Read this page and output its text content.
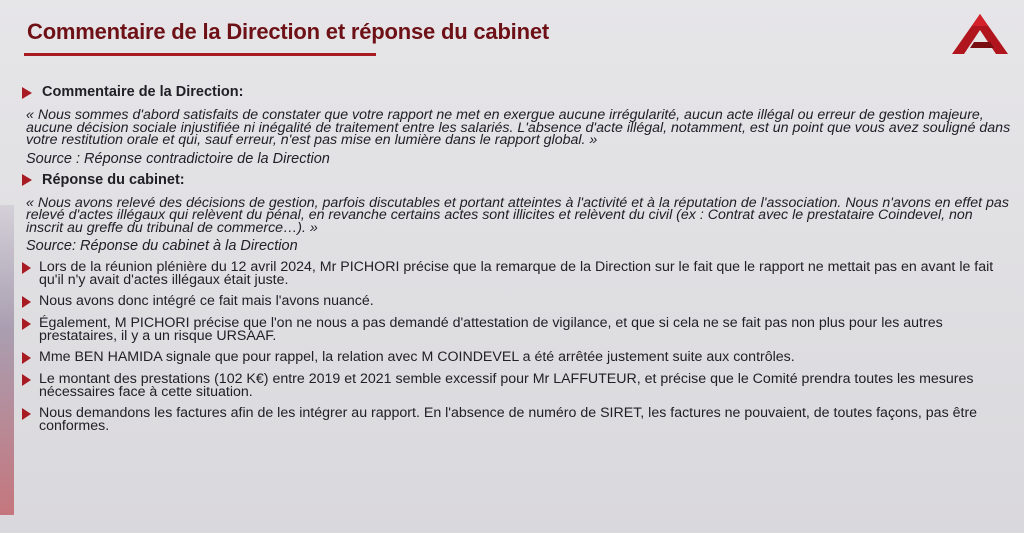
Commentaire de la Direction et réponse du cabinet
Commentaire de la Direction:
« Nous sommes d'abord satisfaits de constater que votre rapport ne met en exergue aucune irrégularité, aucun acte illégal ou erreur de gestion majeure, aucune décision sociale injustifiée ni inégalité de traitement entre les salariés. L'absence d'acte illégal, notamment, est un point que vous avez souligné dans votre restitution orale et qui, sauf erreur, n'est pas mise en lumière dans le rapport global. »
Source : Réponse contradictoire de la Direction
Réponse du cabinet:
« Nous avons relevé des décisions de gestion, parfois discutables et portant atteintes à l'activité et à la réputation de l'association. Nous n'avons en effet pas relevé d'actes illégaux qui relèvent du pénal, en revanche certains actes sont illicites et relèvent du civil (ex : Contrat avec le prestataire Coindevel, non inscrit au greffe du tribunal de commerce…). »
Source: Réponse du cabinet à la Direction
Lors de la réunion plénière du 12 avril 2024, Mr PICHORI précise que la remarque de la Direction sur le fait que le rapport ne mettait pas en avant le fait qu'il n'y avait d'actes illégaux était juste.
Nous avons donc intégré ce fait mais l'avons nuancé.
Également, M PICHORI précise que l'on ne nous a pas demandé d'attestation de vigilance, et que si cela ne se fait pas non plus pour les autres prestataires, il y a un risque URSAAF.
Mme BEN HAMIDA signale que pour rappel, la relation avec M COINDEVEL a été arrêtée justement suite aux contrôles.
Le montant des prestations (102 K€) entre 2019 et 2021 semble excessif pour Mr LAFFUTEUR, et précise que le Comité prendra toutes les mesures nécessaires face à cette situation.
Nous demandons les factures afin de les intégrer au rapport. En l'absence de numéro de SIRET, les factures ne pouvaient, de toutes façons, pas être conformes.
